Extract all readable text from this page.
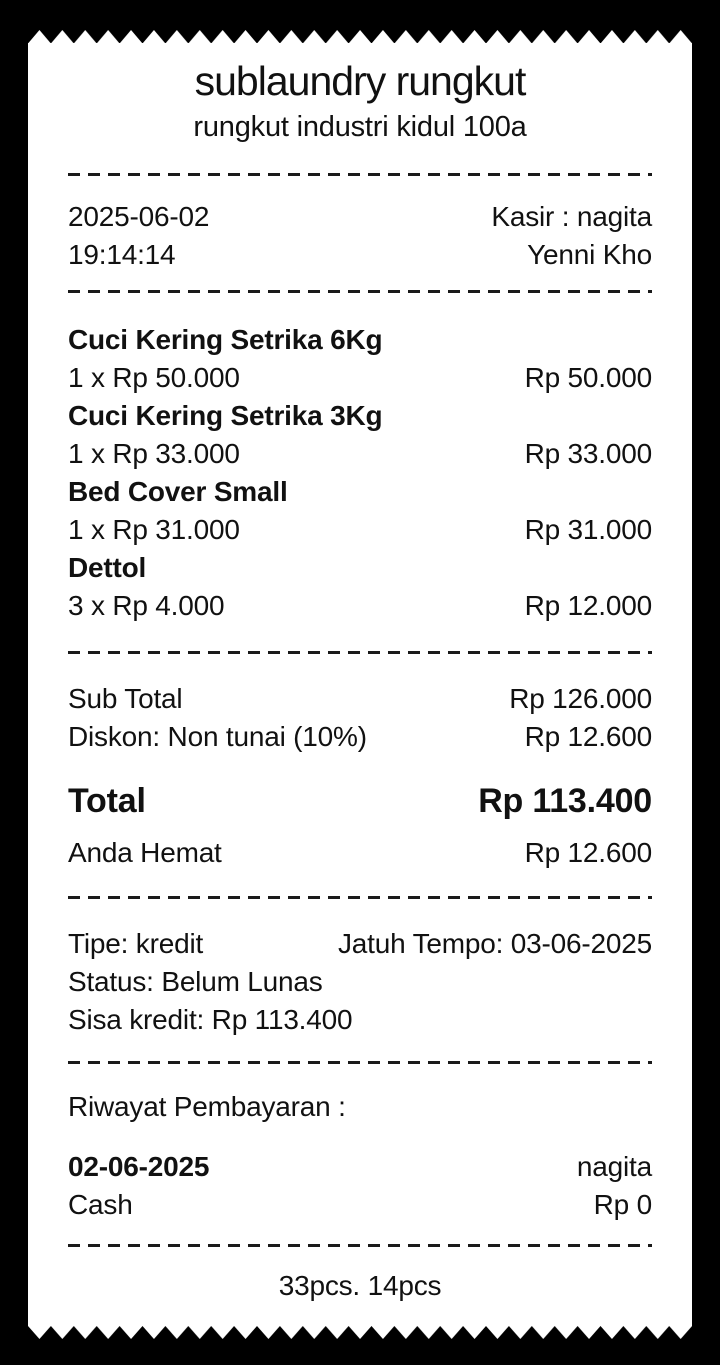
sublaundry rungkut
rungkut industri kidul 100a
2025-06-02	Kasir : nagita
19:14:14	Yenni Kho
Cuci Kering Setrika 6Kg
1 x Rp 50.000	Rp 50.000
Cuci Kering Setrika 3Kg
1 x Rp 33.000	Rp 33.000
Bed Cover Small
1 x Rp 31.000	Rp 31.000
Dettol
3 x Rp 4.000	Rp 12.000
Sub Total	Rp 126.000
Diskon: Non tunai (10%)	Rp 12.600
Total	Rp 113.400
Anda Hemat	Rp 12.600
Tipe: kredit	Jatuh Tempo: 03-06-2025
Status: Belum Lunas
Sisa kredit: Rp 113.400
Riwayat Pembayaran :
02-06-2025	nagita
Cash	Rp 0
33pcs. 14pcs
